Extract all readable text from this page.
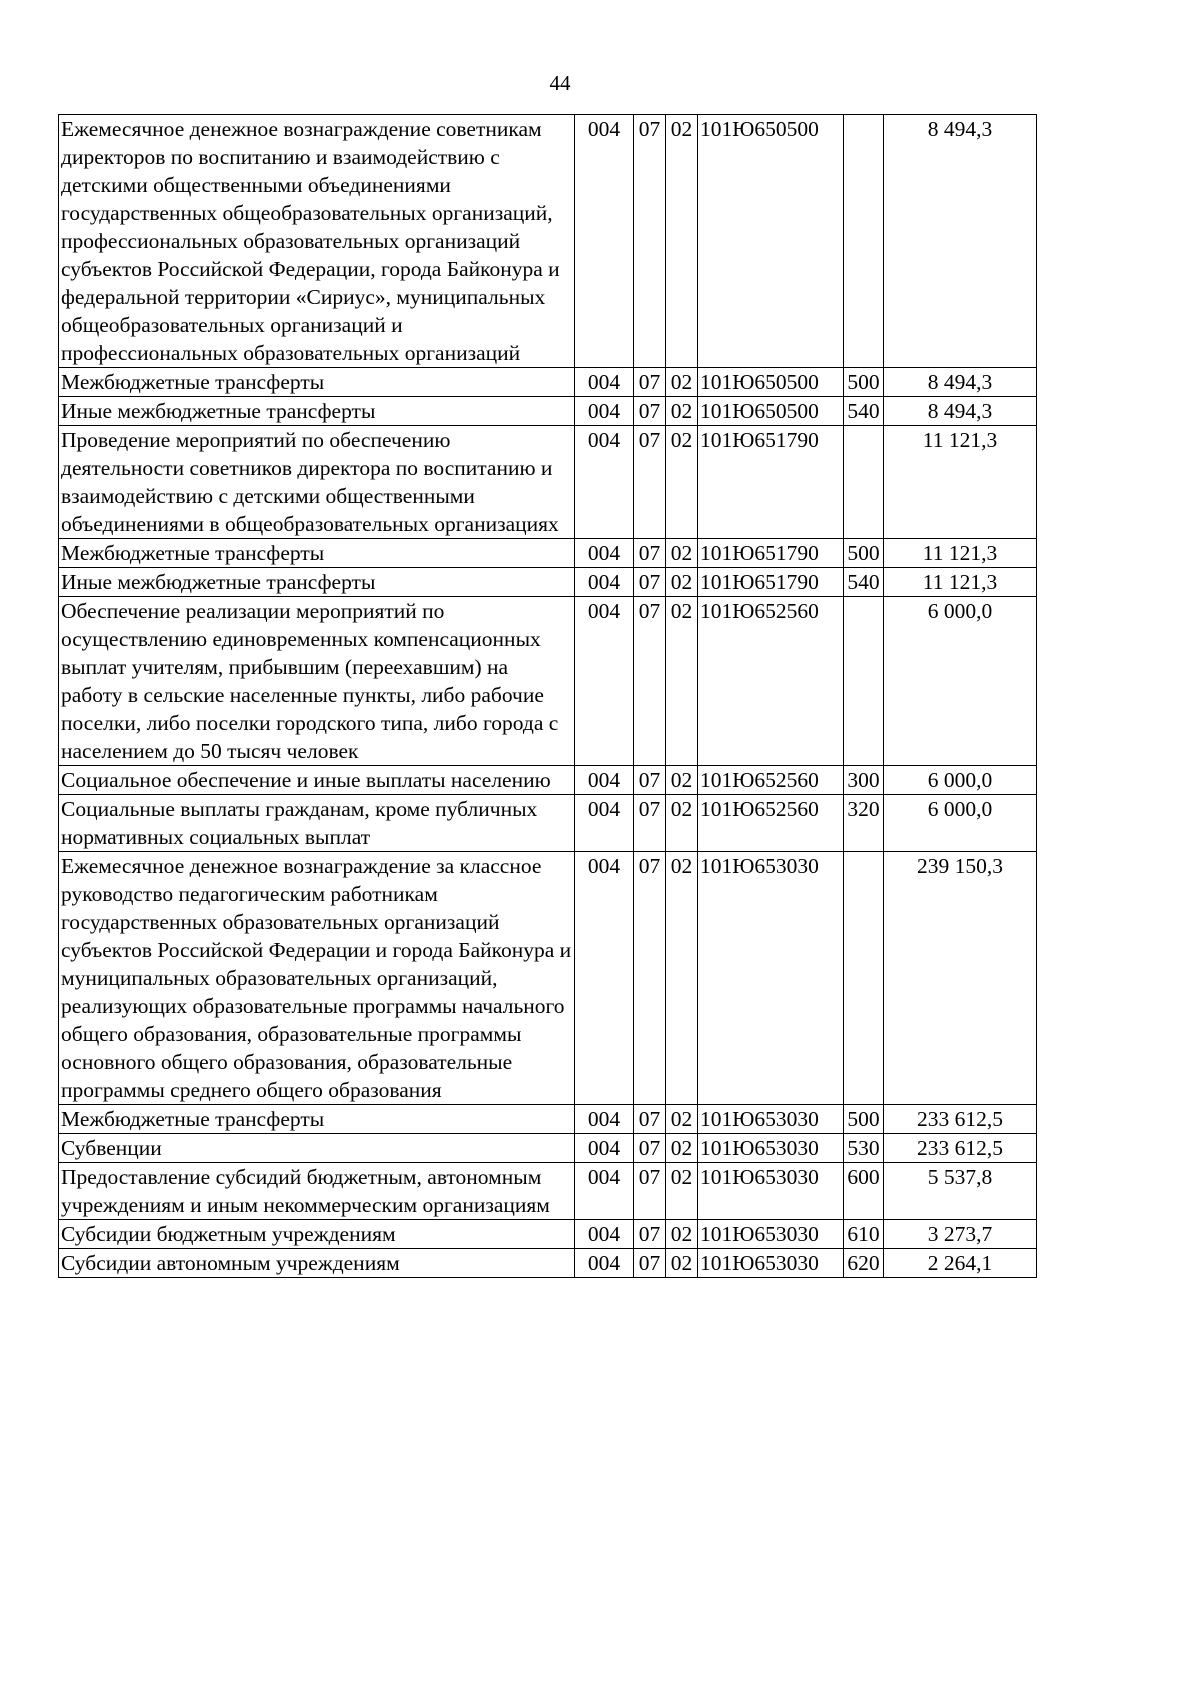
44
Ежемесячное денежное вознаграждение советникам директоров по воспитанию и взаимодействию с детскими общественными объединениями государственных общеобразовательных организаций, профессиональных образовательных организаций субъектов Российской Федерации, города Байконура и федеральной территории «Сириус», муниципальных общеобразовательных организаций и профессиональных образовательных организаций	004	07	02	101Ю650500		8 494,3
Межбюджетные трансферты	004	07	02	101Ю650500	500	8 494,3
Иные межбюджетные трансферты	004	07	02	101Ю650500	540	8 494,3
Проведение мероприятий по обеспечению деятельности советников директора по воспитанию и взаимодействию с детскими общественными объединениями в общеобразовательных организациях	004	07	02	101Ю651790		11 121,3
Межбюджетные трансферты	004	07	02	101Ю651790	500	11 121,3
Иные межбюджетные трансферты	004	07	02	101Ю651790	540	11 121,3
Обеспечение реализации мероприятий по осуществлению единовременных компенсационных выплат учителям, прибывшим (переехавшим) на работу в сельские населенные пункты, либо рабочие поселки, либо поселки городского типа, либо города с населением до 50 тысяч человек	004	07	02	101Ю652560		6 000,0
Социальное обеспечение и иные выплаты населению	004	07	02	101Ю652560	300	6 000,0
Социальные выплаты гражданам, кроме публичных нормативных социальных выплат	004	07	02	101Ю652560	320	6 000,0
Ежемесячное денежное вознаграждение за классное руководство педагогическим работникам государственных образовательных организаций субъектов Российской Федерации и города Байконура и муниципальных образовательных организаций, реализующих образовательные программы начального общего образования, образовательные программы основного общего образования, образовательные программы среднего общего образования	004	07	02	101Ю653030		239 150,3
Межбюджетные трансферты	004	07	02	101Ю653030	500	233 612,5
Субвенции	004	07	02	101Ю653030	530	233 612,5
Предоставление субсидий бюджетным, автономным учреждениям и иным некоммерческим организациям	004	07	02	101Ю653030	600	5 537,8
Субсидии бюджетным учреждениям	004	07	02	101Ю653030	610	3 273,7
Субсидии автономным учреждениям	004	07	02	101Ю653030	620	2 264,1
